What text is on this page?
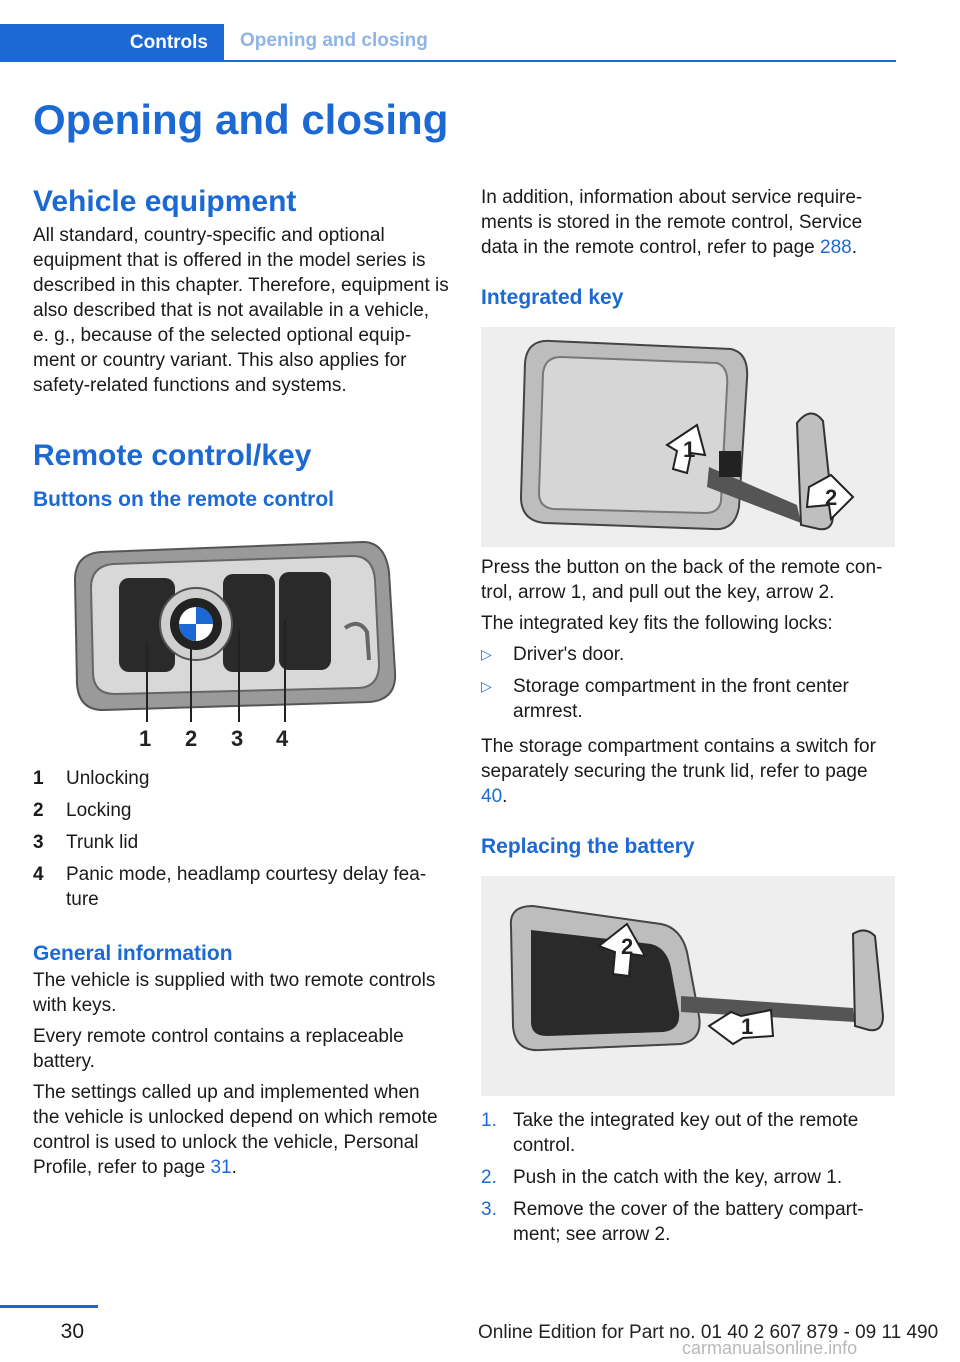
Controls Opening and closing
Opening and closing
Vehicle equipment

All standard, country-specific and optional equipment that is offered in the model series is described in this chapter. Therefore, equipment is also described that is not available in a vehicle, e. g., because of the selected optional equip-ment or country variant. This also applies for safety-related functions and systems.

Remote control/key
Buttons on the remote control
1 2 3 4
1	Unlocking
2	Locking
3	Trunk lid
4	Panic mode, headlamp courtesy delay fea-ture
General information

The vehicle is supplied with two remote controls with keys.

Every remote control contains a replaceable battery.

The settings called up and implemented when the vehicle is unlocked depend on which remote control is used to unlock the vehicle, Personal Profile, refer to page 31.

In addition, information about service require-ments is stored in the remote control, Service data in the remote control, refer to page 288.

Integrated key
1
2

Press the button on the back of the remote con-trol, arrow 1, and pull out the key, arrow 2.

The integrated key fits the following locks:

▷	Driver's door.
▷	Storage compartment in the front center armrest.

The storage compartment contains a switch for separately securing the trunk lid, refer to page 40.

Replacing the battery
2
1
1. Take the integrated key out of the remote control.
2. Push in the catch with the key, arrow 1.
3. Remove the cover of the battery compart-ment; see arrow 2.
30	Online Edition for Part no. 01 40 2 607 879 - 09 11 490
carmanualsonline.info
